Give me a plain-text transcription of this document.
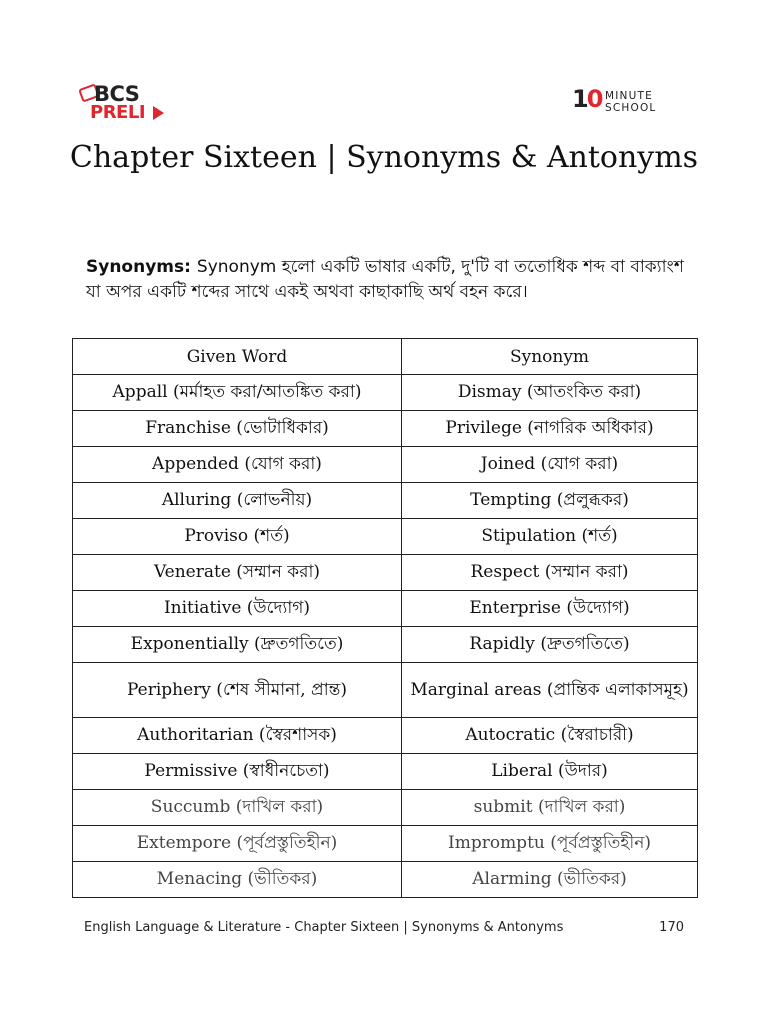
BCS
PRELI	10 MINUTE
SCHOOL
Chapter Sixteen | Synonyms & Antonyms
Synonyms: Synonym হলো একটি ভাষার একটি, দু'টি বা ততোধিক শব্দ বা বাক্যাংশ যা অপর একটি শব্দের সাথে একই অথবা কাছাকাছি অর্থ বহন করে।
Given Word	Synonym
Appall (মর্মাহত করা/আতঙ্কিত করা)	Dismay (আতংকিত করা)
Franchise (ভোটাধিকার)	Privilege (নাগরিক অধিকার)
Appended (যোগ করা)	Joined (যোগ করা)
Alluring (লোভনীয়)	Tempting (প্রলুব্ধকর)
Proviso (শর্ত)	Stipulation (শর্ত)
Venerate (সম্মান করা)	Respect (সম্মান করা)
Initiative (উদ্যোগ)	Enterprise (উদ্যোগ)
Exponentially (দ্রুতগতিতে)	Rapidly (দ্রুতগতিতে)
Periphery (শেষ সীমানা, প্রান্ত)	Marginal areas (প্রান্তিক এলাকাসমূহ)
Authoritarian (স্বৈরশাসক)	Autocratic (স্বৈরাচারী)
Permissive (স্বাধীনচেতা)	Liberal (উদার)
Succumb (দাখিল করা)	submit (দাখিল করা)
Extempore (পূর্বপ্রস্তুতিহীন)	Impromptu (পূর্বপ্রস্তুতিহীন)
Menacing (ভীতিকর)	Alarming (ভীতিকর)
English Language & Literature - Chapter Sixteen | Synonyms & Antonyms	170
